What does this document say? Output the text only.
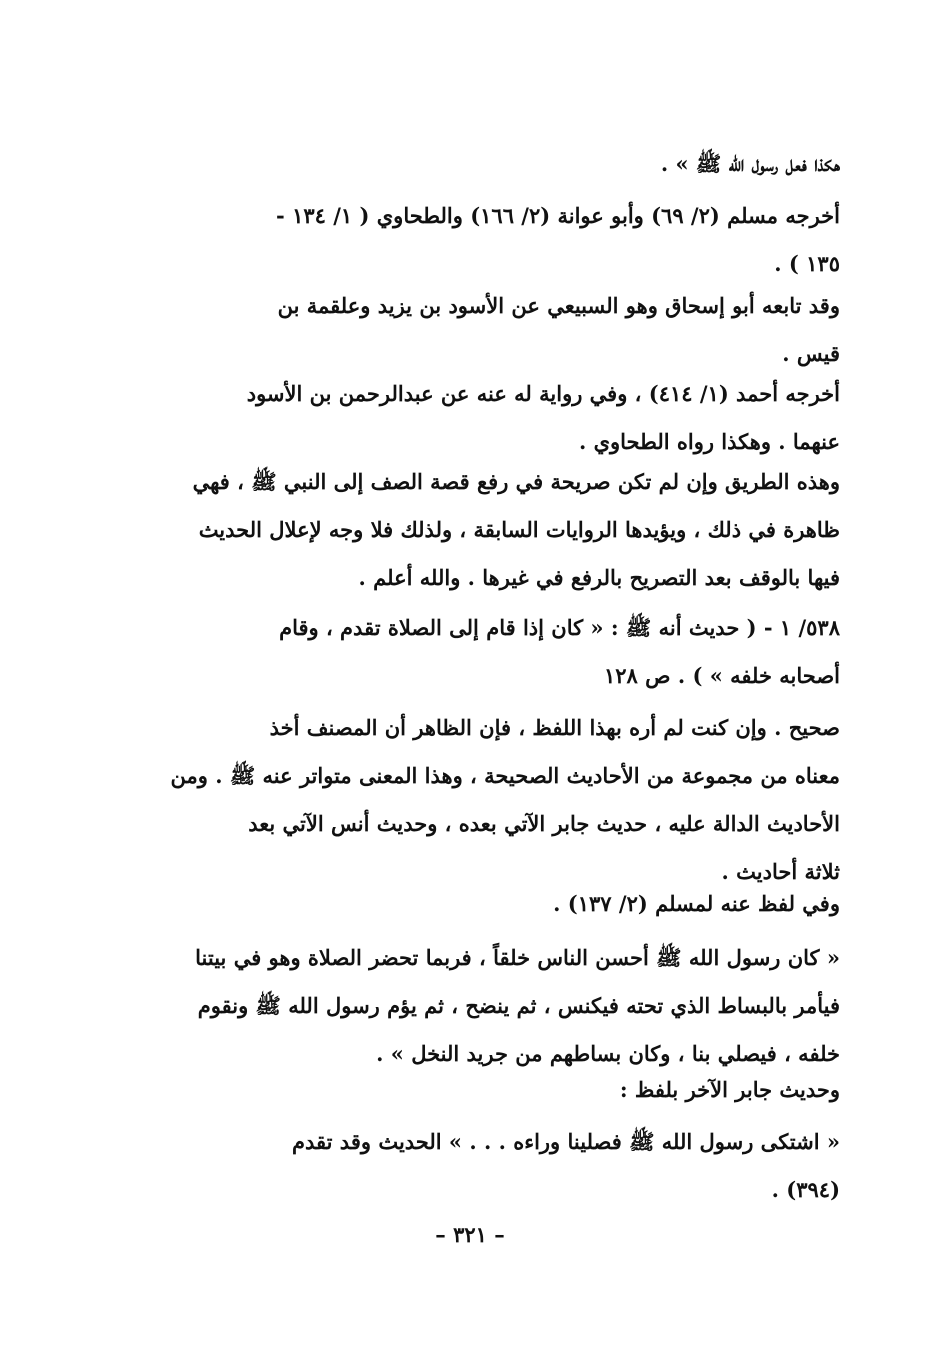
هكذا فعل رسول الله ﷺ » .
أخرجه مسلم (٢/ ٦٩) وأبو عوانة (٢/ ١٦٦) والطحاوي ( ١/ ١٣٤ -
١٣٥ ) .
وقد تابعه أبو إسحاق وهو السبيعي عن الأسود بن يزيد وعلقمة بن
قيس .
أخرجه أحمد (١/ ٤١٤) ، وفي رواية له عنه عن عبدالرحمن بن الأسود
عنهما . وهكذا رواه الطحاوي .
وهذه الطريق وإن لم تكن صريحة في رفع قصة الصف إلى النبي ﷺ ، فهي
ظاهرة في ذلك ، ويؤيدها الروايات السابقة ، ولذلك فلا وجه لإعلال الحديث
فيها بالوقف بعد التصريح بالرفع في غيرها . والله أعلم .
٥٣٨/ ١ - ( حديث أنه ﷺ : « كان إذا قام إلى الصلاة تقدم ، وقام
أصحابه خلفه » ) . ص ١٢٨
صحيح . وإن كنت لم أره بهذا اللفظ ، فإن الظاهر أن المصنف أخذ
معناه من مجموعة من الأحاديث الصحيحة ، وهذا المعنى متواتر عنه ﷺ . ومن
الأحاديث الدالة عليه ، حديث جابر الآتي بعده ، وحديث أنس الآتي بعد
ثلاثة أحاديث .
وفي لفظ عنه لمسلم (٢/ ١٣٧) .
« كان رسول الله ﷺ أحسن الناس خلقاً ، فربما تحضر الصلاة وهو في بيتنا
فيأمر بالبساط الذي تحته فيكنس ، ثم ينضح ، ثم يؤم رسول الله ﷺ ونقوم
خلفه ، فيصلي بنا ، وكان بساطهم من جريد النخل » .
وحديث جابر الآخر بلفظ :
« اشتكى رسول الله ﷺ فصلينا وراءه . . . » الحديث وقد تقدم
(٣٩٤) .
– ٣٢١ –
